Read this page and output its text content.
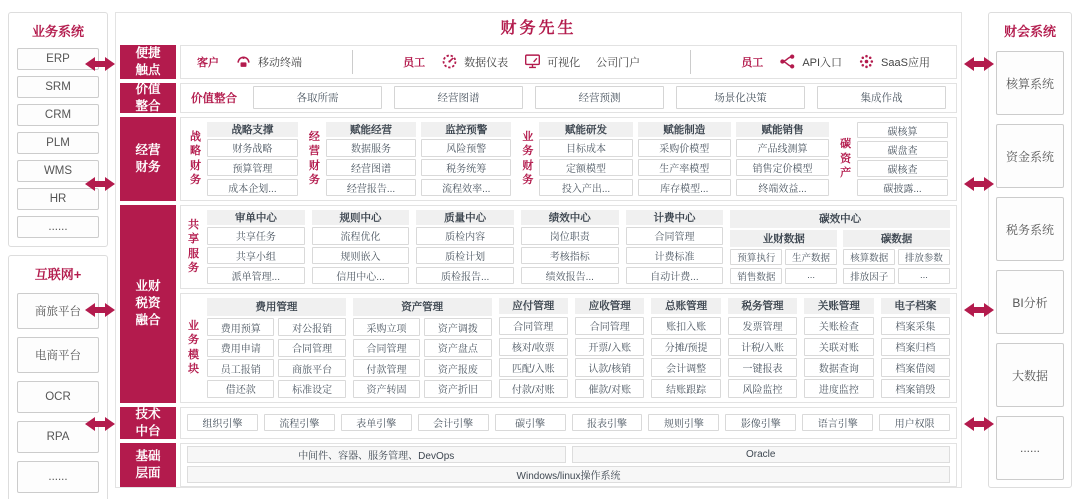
业务系统
ERP
SRM
CRM
PLM
WMS
HR
......
互联网+
商旅平台
电商平台
OCR
RPA
......
财会系统
核算系统
资金系统
税务系统
BI分析
大数据
......
财务先生
便捷触点	客户	移动终端	员工	数据仪表	可视化 公司门户	员工	API入口	SaaS应用
价值整合	价值整合	各取所需	经营图谱	经营预测	场景化决策	集成作战
经营财务
战略财务
战略支撑
财务战略
预算管理
成本企划...
经营财务
赋能经营
数据服务
经营图谱
经营报告...
监控预警
风险预警
税务统筹
流程效率...
业务财务
赋能研发
目标成本
定额模型
投入产出...
赋能制造
采购价模型
生产率模型
库存模型...
赋能销售
产品线测算
销售定价模型
终端效益...
碳资产
碳核算
碳盘查
碳核查
碳披露...
业财税资融合
共享服务
审单中心
共享任务
共享小组
派单管理...
规则中心
流程优化
规则嵌入
信用中心...
质量中心
质检内容
质检计划
质检报告...
绩效中心
岗位职责
考核指标
绩效报告...
计费中心
合同管理
计费标准
自动计费...
碳效中心
业财数据
预算执行	生产数据
销售数据	...
碳数据
核算数据	排放参数
排放因子	...
业务模块
费用管理
费用预算	对公报销
费用申请	合同管理
员工报销	商旅平台
借还款	标准设定
资产管理
采购立项	资产调拨
合同管理	资产盘点
付款管理	资产报废
资产转固	资产折旧
应付管理
合同管理
核对/收票
匹配/入账
付款/对账
应收管理
合同管理
开票/入账
认款/核销
催款/对账
总账管理
账扣入账
分摊/预提
会计调整
结账跟踪
税务管理
发票管理
计税/入账
一键报表
风险监控
关账管理
关账检查
关联对账
数据查询
进度监控
电子档案
档案采集
档案归档
档案借阅
档案销毁
技术中台	组织引擎	流程引擎	表单引擎	会计引擎	碳引擎	报表引擎	规则引擎	影像引擎	语言引擎	用户权限
基础层面
中间件、容器、服务管理、DevOps	Oracle
Windows/linux操作系统
